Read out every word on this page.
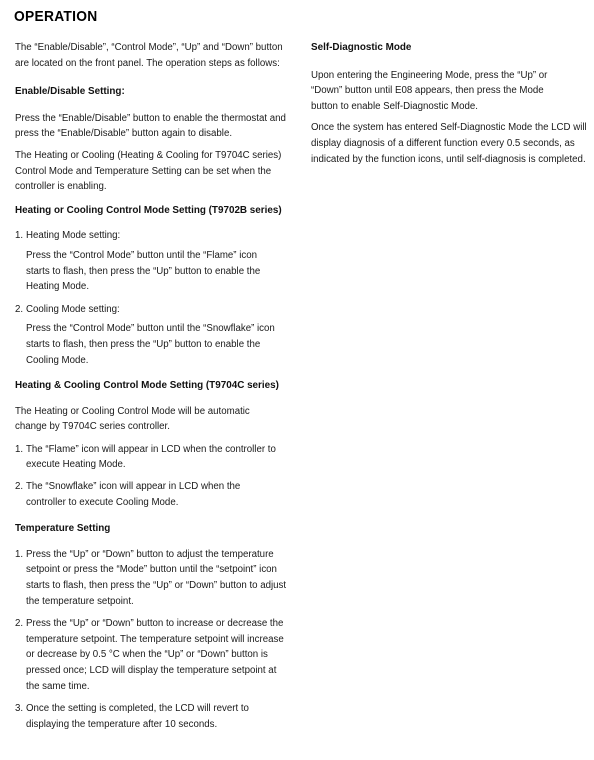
OPERATION

The “Enable/Disable”, “Control Mode”, “Up” and “Down” button are located on the front panel. The operation steps as follows:

Enable/Disable Setting:

Press the “Enable/Disable” button to enable the thermostat and press the “Enable/Disable” button again to disable.

The Heating or Cooling (Heating & Cooling for T9704C series) Control Mode and Temperature Setting can be set when the controller is enabling.

Heating or Cooling Control Mode Setting (T9702B series)
1. Heating Mode setting:

Press the “Control Mode” button until the “Flame” icon starts to flash, then press the “Up” button to enable the Heating Mode.

2. Cooling Mode setting:

Press the “Control Mode” button until the “Snowflake” icon starts to flash, then press the “Up” button to enable the Cooling Mode.

Heating & Cooling Control Mode Setting (T9704C series)

The Heating or Cooling Control Mode will be automatic change by T9704C series controller.

1. The “Flame” icon will appear in LCD when the controller to execute Heating Mode.
2. The “Snowflake” icon will appear in LCD when the controller to execute Cooling Mode.
Temperature Setting
1. Press the “Up” or “Down” button to adjust the temperature setpoint or press the “Mode” button until the “setpoint” icon starts to flash, then press the “Up” or “Down” button to adjust the temperature setpoint.
2. Press the “Up” or “Down” button to increase or decrease the temperature setpoint. The temperature setpoint will increase or decrease by 0.5 °C when the “Up” or “Down” button is pressed once; LCD will display the temperature setpoint at the same time.
3. Once the setting is completed, the LCD will revert to displaying the temperature after 10 seconds.
Self-Diagnostic Mode

Upon entering the Engineering Mode, press the “Up” or “Down” button until E08 appears, then press the Mode button to enable Self-Diagnostic Mode.

Once the system has entered Self-Diagnostic Mode the LCD will display diagnosis of a different function every 0.5 seconds, as indicated by the function icons, until self-diagnosis is completed.
